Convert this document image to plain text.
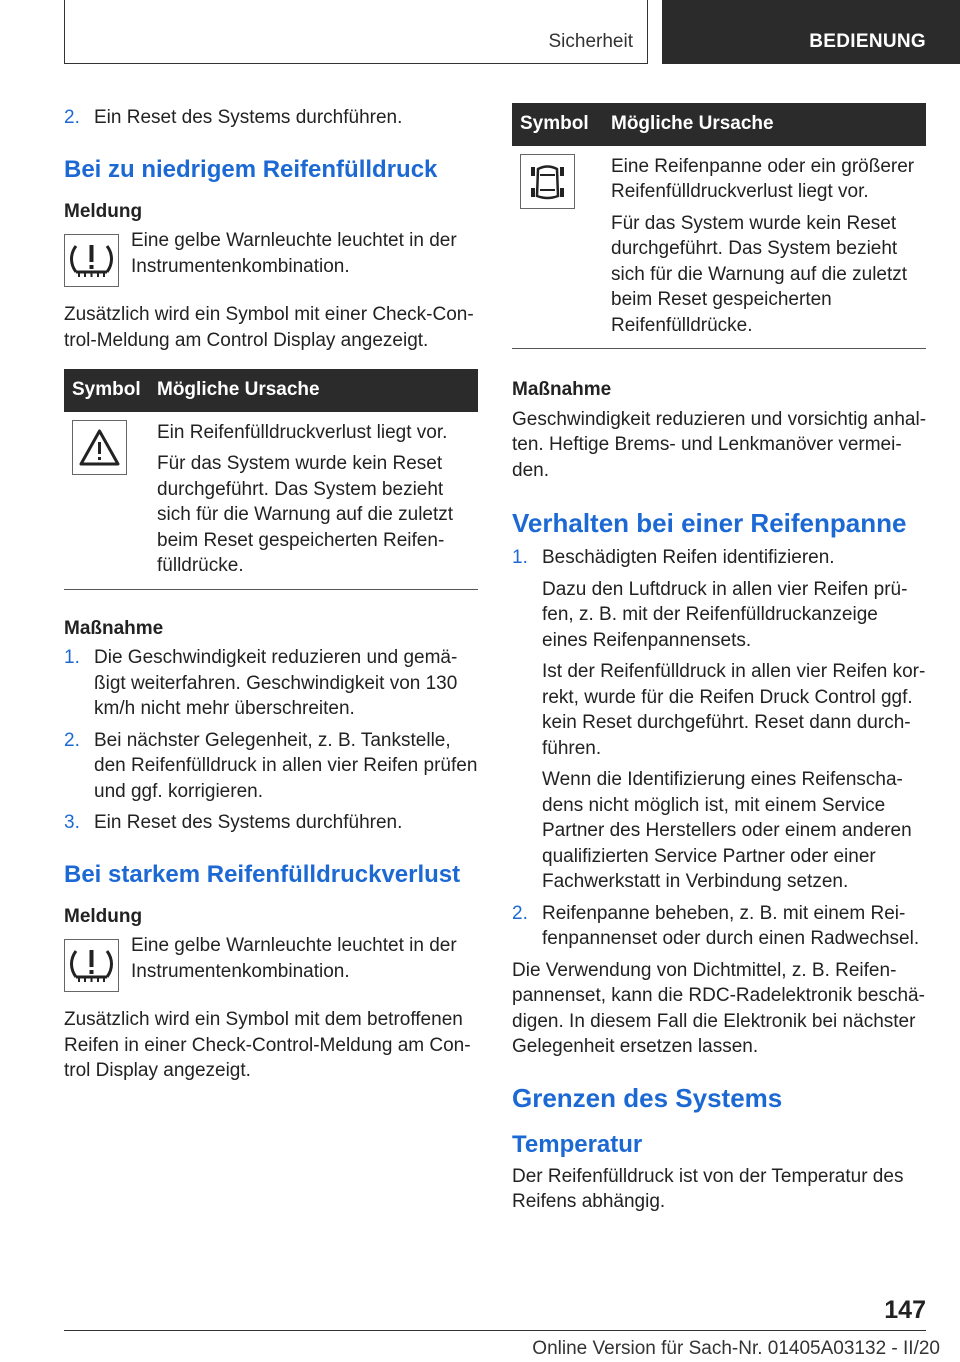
Sicherheit	BEDIENUNG
2. Ein Reset des Systems durchführen.
Bei zu niedrigem Reifenfülldruck

Meldung

Eine gelbe Warnleuchte leuchtet in der Instrumentenkombination.

Zusätzlich wird ein Symbol mit einer Check-Control-Meldung am Control Display angezeigt.

Symbol	Mögliche Ursache

Ein Reifenfülldruckverlust liegt vor.

Für das System wurde kein Reset durchgeführt. Das System bezieht sich für die Warnung auf die zuletzt beim Reset gespeicherten Reifenfülldrücke.

Maßnahme

1. Die Geschwindigkeit reduzieren und gemäßigt weiterfahren. Geschwindigkeit von 130 km/h nicht mehr überschreiten.
2. Bei nächster Gelegenheit, z. B. Tankstelle, den Reifenfülldruck in allen vier Reifen prüfen und ggf. korrigieren.
3. Ein Reset des Systems durchführen.
Bei starkem Reifenfülldruckverlust

Meldung

Eine gelbe Warnleuchte leuchtet in der Instrumentenkombination.

Zusätzlich wird ein Symbol mit dem betroffenen Reifen in einer Check-Control-Meldung am Control Display angezeigt.

Symbol	Mögliche Ursache

Eine Reifenpanne oder ein größerer Reifenfülldruckverlust liegt vor.

Für das System wurde kein Reset durchgeführt. Das System bezieht sich für die Warnung auf die zuletzt beim Reset gespeicherten Reifenfülldrücke.

Maßnahme

Geschwindigkeit reduzieren und vorsichtig anhalten. Heftige Brems- und Lenkmanöver vermeiden.

Verhalten bei einer Reifenpanne
1. Beschädigten Reifen identifizieren.

Dazu den Luftdruck in allen vier Reifen prüfen, z. B. mit der Reifenfülldruckanzeige eines Reifenpannensets.

Ist der Reifenfülldruck in allen vier Reifen korrekt, wurde für die Reifen Druck Control ggf. kein Reset durchgeführt. Reset dann durchführen.

Wenn die Identifizierung eines Reifenschadens nicht möglich ist, mit einem Service Partner des Herstellers oder einem anderen qualifizierten Service Partner oder einer Fachwerkstatt in Verbindung setzen.

2. Reifenpanne beheben, z. B. mit einem Reifenpannenset oder durch einen Radwechsel.

Die Verwendung von Dichtmittel, z. B. Reifenpannenset, kann die RDC-Radelektronik beschädigen. In diesem Fall die Elektronik bei nächster Gelegenheit ersetzen lassen.

Grenzen des Systems
Temperatur

Der Reifenfülldruck ist von der Temperatur des Reifens abhängig.

147
Online Version für Sach-Nr. 01405A03132 - II/20
